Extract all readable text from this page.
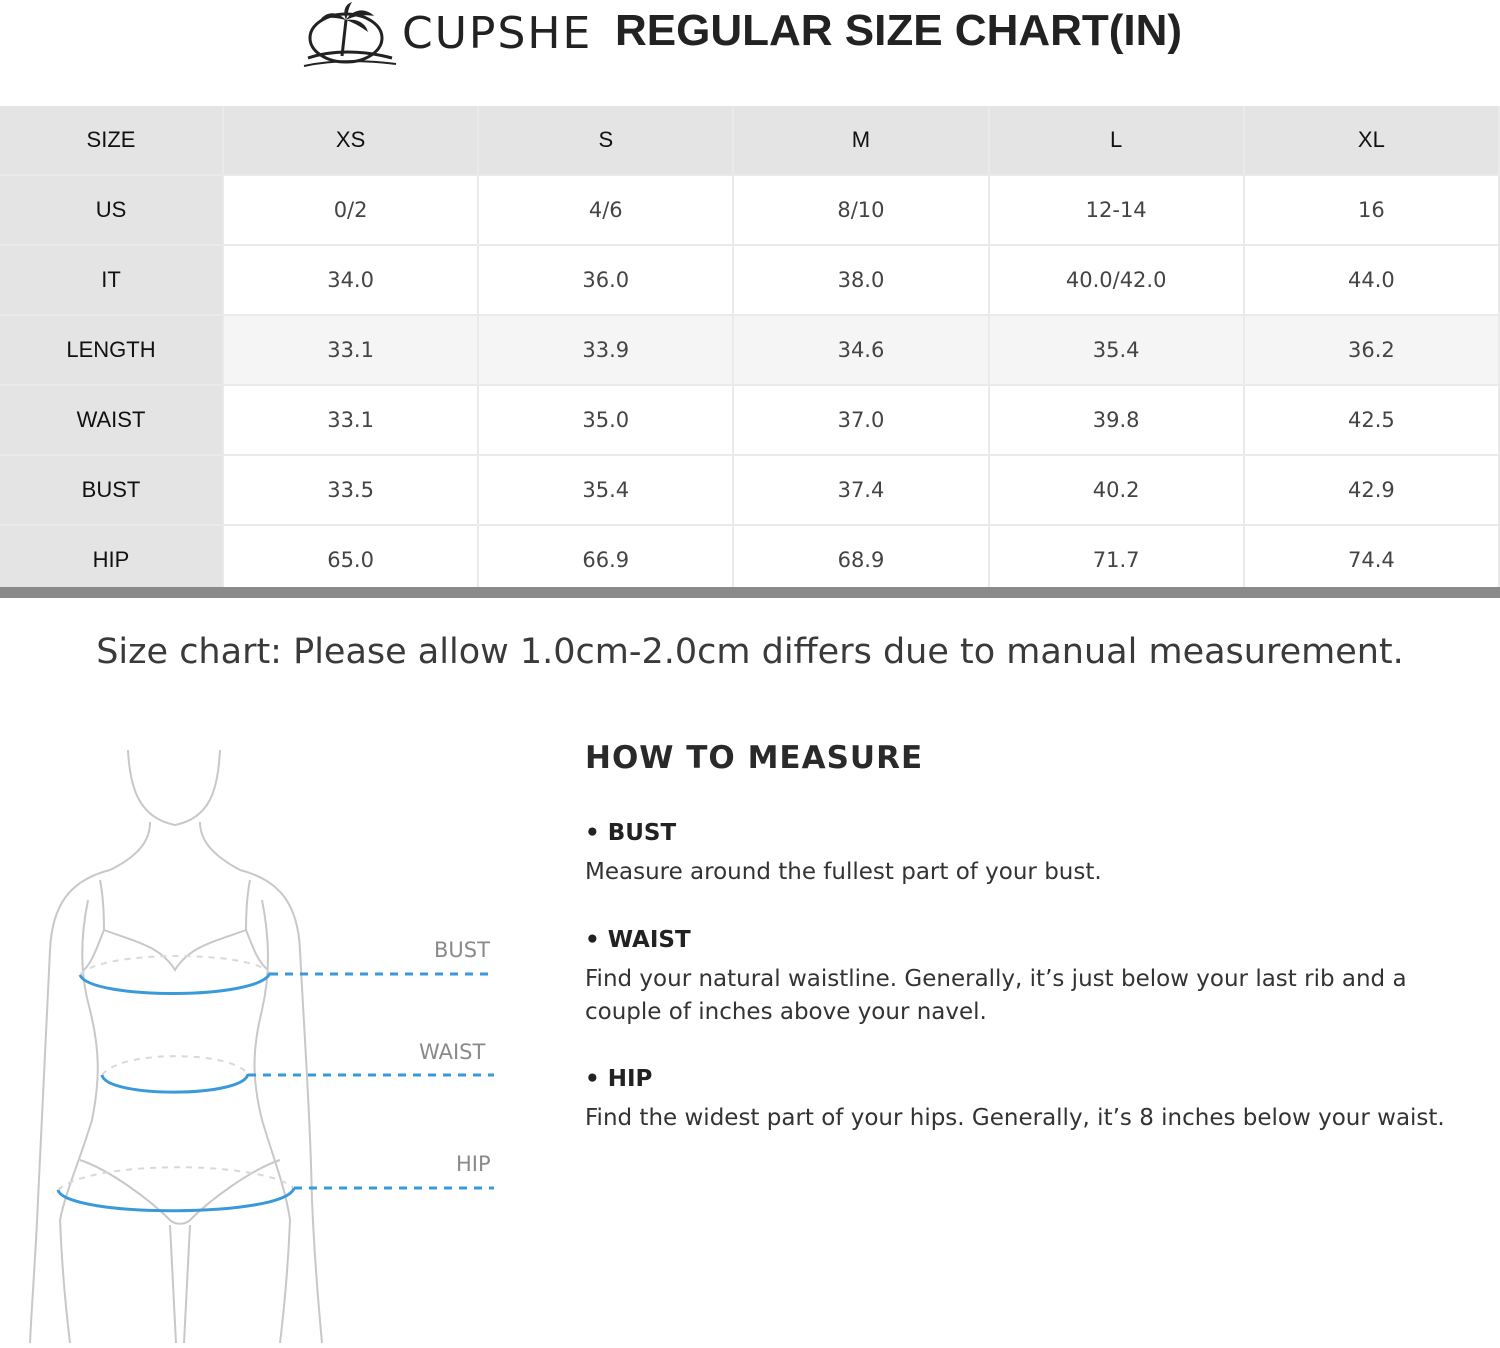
CUPSHE REGULAR SIZE CHART(IN)
SIZE	XS	S	M	L	XL
US	0/2	4/6	8/10	12-14	16
IT	34.0	36.0	38.0	40.0/42.0	44.0
LENGTH	33.1	33.9	34.6	35.4	36.2
WAIST	33.1	35.0	37.0	39.8	42.5
BUST	33.5	35.4	37.4	40.2	42.9
HIP	65.0	66.9	68.9	71.7	74.4
Size chart: Please allow 1.0cm-2.0cm differs due to manual measurement.
BUST
WAIST
HIP
HOW TO MEASURE
• BUST
Measure around the fullest part of your bust.
• WAIST
Find your natural waistline. Generally, it’s just below your last rib and a couple of inches above your navel.
• HIP
Find the widest part of your hips. Generally, it’s 8 inches below your waist.
